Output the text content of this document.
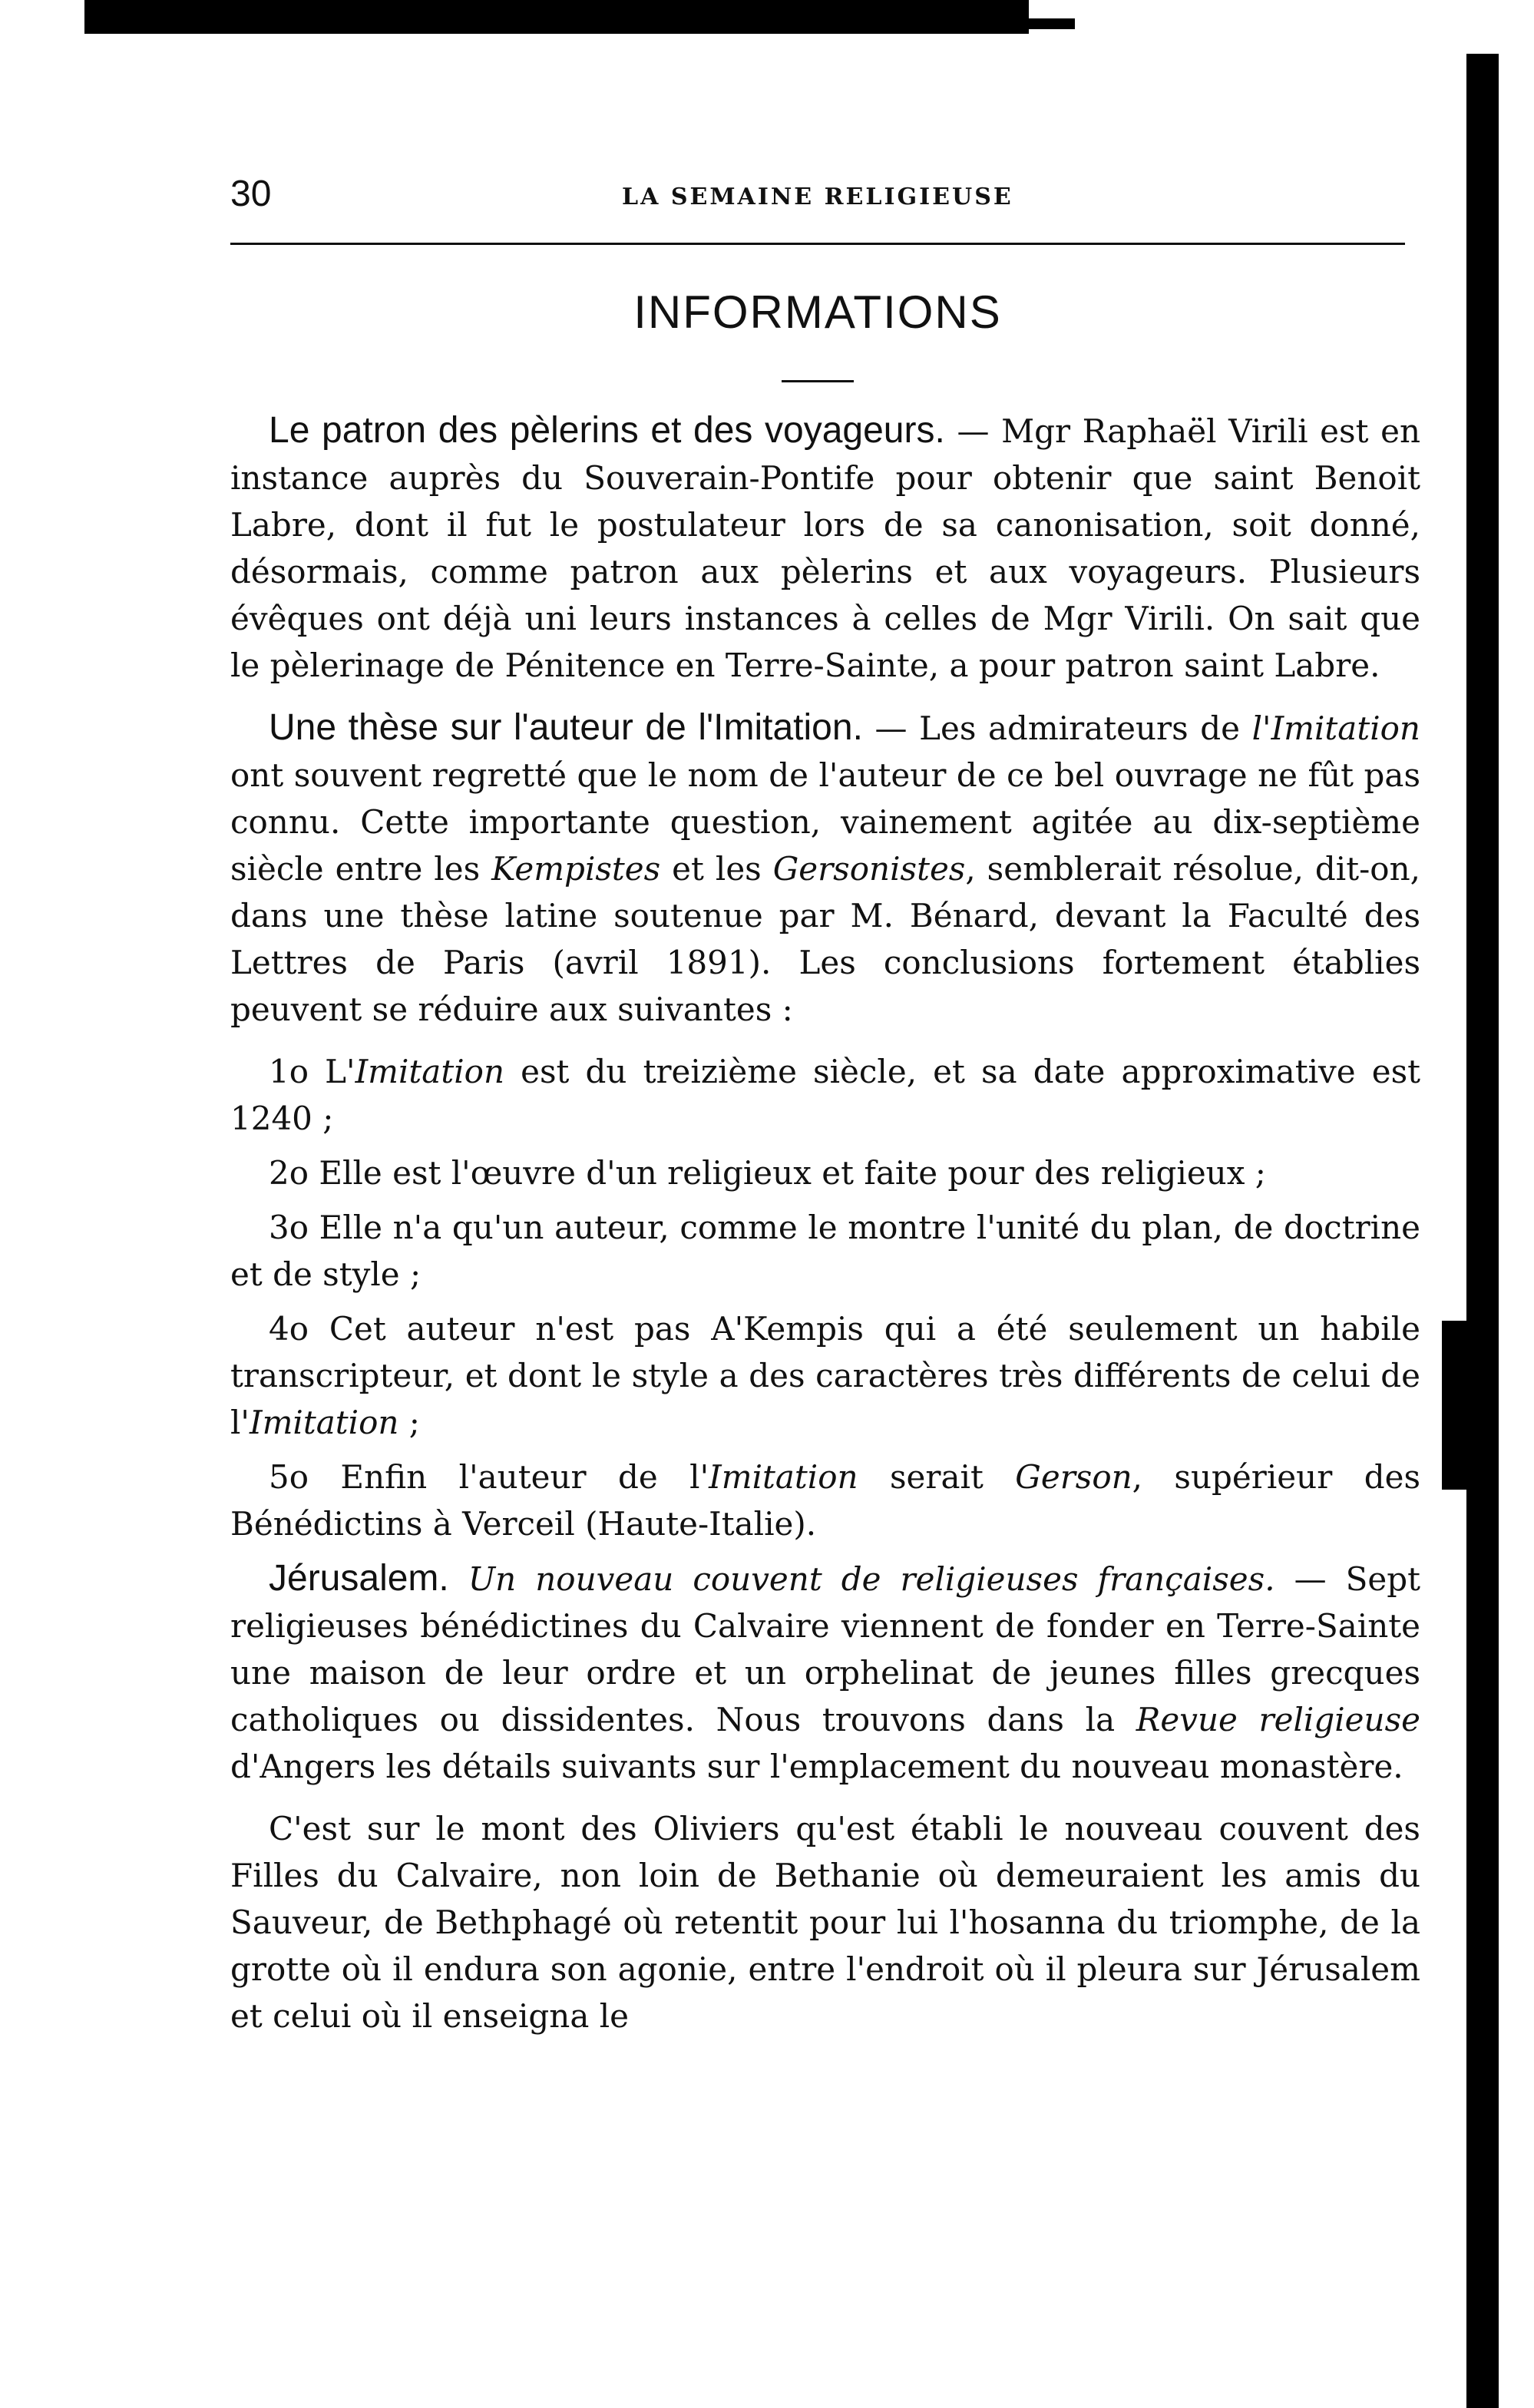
30	LA SEMAINE RELIGIEUSE
INFORMATIONS

Le patron des pèlerins et des voyageurs. — Mgr Raphaël Virili est en instance auprès du Souverain-Pontife pour obtenir que saint Benoit Labre, dont il fut le postulateur lors de sa canonisation, soit donné, désormais, comme patron aux pèlerins et aux voyageurs. Plusieurs évêques ont déjà uni leurs instances à celles de Mgr Virili. On sait que le pèlerinage de Pénitence en Terre-Sainte, a pour patron saint Labre.

Une thèse sur l'auteur de l'Imitation. — Les admirateurs de l'Imitation ont souvent regretté que le nom de l'auteur de ce bel ouvrage ne fût pas connu. Cette importante question, vainement agitée au dix-septième siècle entre les Kempistes et les Gersonistes, semblerait résolue, dit-on, dans une thèse latine soutenue par M. Bénard, devant la Faculté des Lettres de Paris (avril 1891). Les conclusions fortement établies peuvent se réduire aux suivantes :

1o L'Imitation est du treizième siècle, et sa date approximative est 1240 ;

2o Elle est l'œuvre d'un religieux et faite pour des religieux ;

3o Elle n'a qu'un auteur, comme le montre l'unité du plan, de doctrine et de style ;

4o Cet auteur n'est pas A'Kempis qui a été seulement un habile transcripteur, et dont le style a des caractères très différents de celui de l'Imitation ;

5o Enfin l'auteur de l'Imitation serait Gerson, supérieur des Bénédictins à Verceil (Haute-Italie).

Jérusalem. Un nouveau couvent de religieuses françaises. — Sept religieuses bénédictines du Calvaire viennent de fonder en Terre-Sainte une maison de leur ordre et un orphelinat de jeunes filles grecques catholiques ou dissidentes. Nous trouvons dans la Revue religieuse d'Angers les détails suivants sur l'emplacement du nouveau monastère.

C'est sur le mont des Oliviers qu'est établi le nouveau couvent des Filles du Calvaire, non loin de Bethanie où demeuraient les amis du Sauveur, de Bethphagé où retentit pour lui l'hosanna du triomphe, de la grotte où il endura son agonie, entre l'endroit où il pleura sur Jérusalem et celui où il enseigna le
